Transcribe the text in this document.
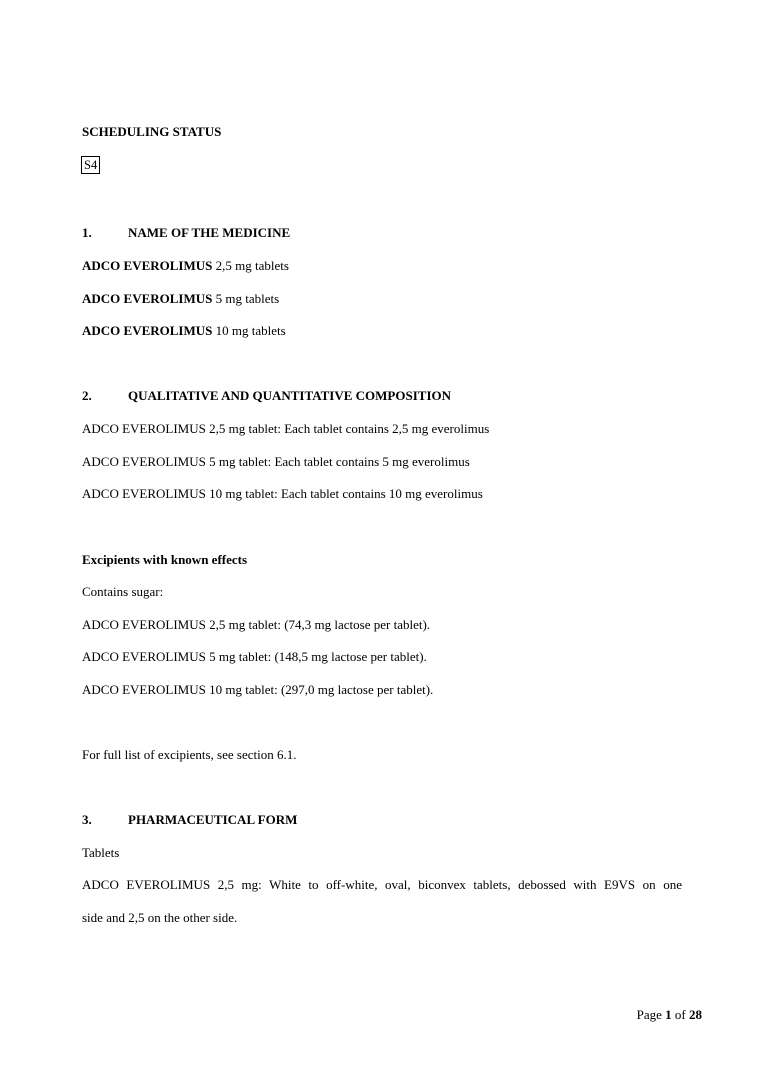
SCHEDULING STATUS
S4
1.	NAME OF THE MEDICINE
ADCO EVEROLIMUS 2,5 mg tablets
ADCO EVEROLIMUS 5 mg tablets
ADCO EVEROLIMUS 10 mg tablets
2.	QUALITATIVE AND QUANTITATIVE COMPOSITION
ADCO EVEROLIMUS 2,5 mg tablet: Each tablet contains 2,5 mg everolimus
ADCO EVEROLIMUS 5 mg tablet: Each tablet contains 5 mg everolimus
ADCO EVEROLIMUS 10 mg tablet: Each tablet contains 10 mg everolimus
Excipients with known effects
Contains sugar:
ADCO EVEROLIMUS 2,5 mg tablet: (74,3 mg lactose per tablet).
ADCO EVEROLIMUS 5 mg tablet: (148,5 mg lactose per tablet).
ADCO EVEROLIMUS 10 mg tablet: (297,0 mg lactose per tablet).
For full list of excipients, see section 6.1.
3.	PHARMACEUTICAL FORM
Tablets
ADCO EVEROLIMUS 2,5 mg: White to off-white, oval, biconvex tablets, debossed with E9VS on one
side and 2,5 on the other side.
Page 1 of 28
